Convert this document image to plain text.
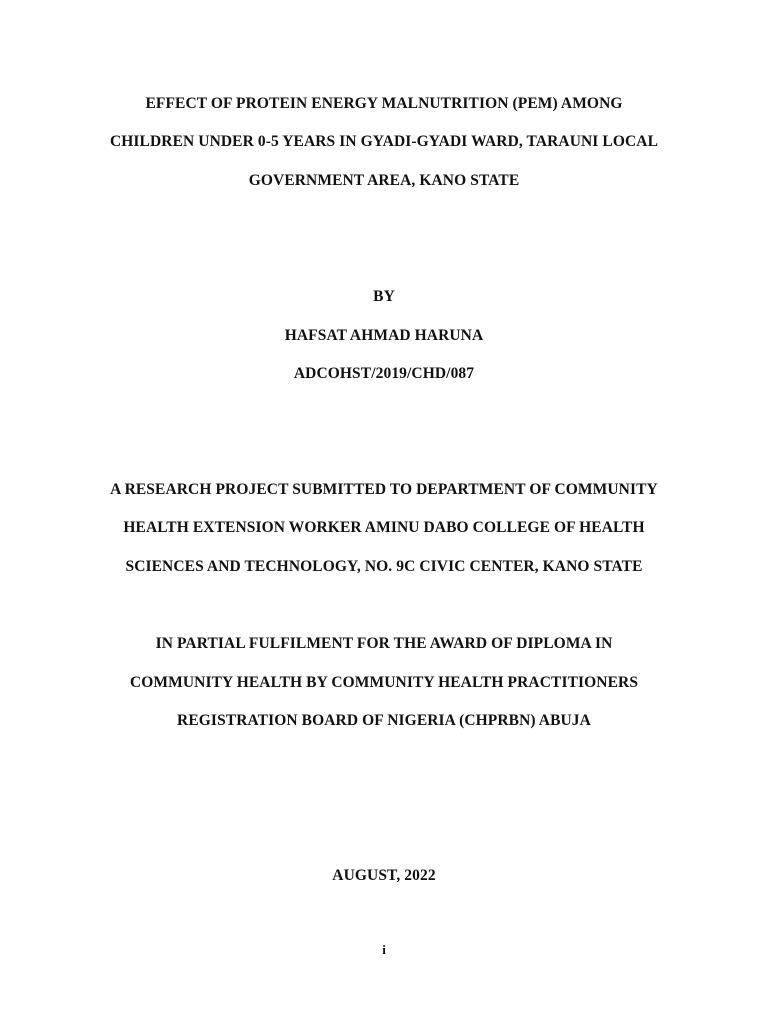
EFFECT OF PROTEIN ENERGY MALNUTRITION (PEM) AMONG
CHILDREN UNDER 0-5 YEARS IN GYADI-GYADI WARD, TARAUNI LOCAL
GOVERNMENT AREA, KANO STATE
BY
HAFSAT AHMAD HARUNA
ADCOHST/2019/CHD/087
A RESEARCH PROJECT SUBMITTED TO DEPARTMENT OF COMMUNITY
HEALTH EXTENSION WORKER AMINU DABO COLLEGE OF HEALTH
SCIENCES AND TECHNOLOGY, NO. 9C CIVIC CENTER, KANO STATE
IN PARTIAL FULFILMENT FOR THE AWARD OF DIPLOMA IN
COMMUNITY HEALTH BY COMMUNITY HEALTH PRACTITIONERS
REGISTRATION BOARD OF NIGERIA (CHPRBN) ABUJA
AUGUST, 2022
i
